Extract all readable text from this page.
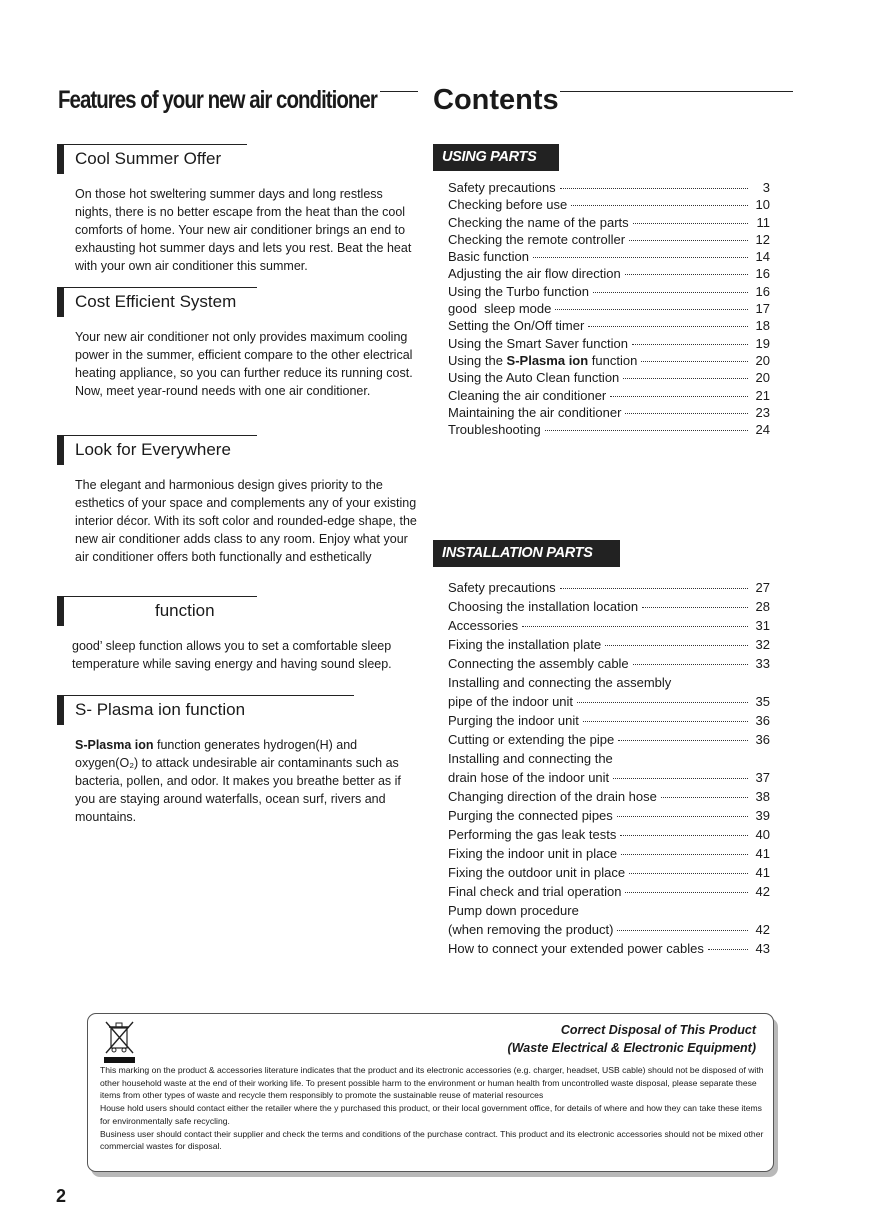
Features of your new air conditioner
Cool Summer Offer

On those hot sweltering summer days and long restless nights, there is no better escape from the heat than the cool comforts of home. Your new air conditioner brings an end to exhausting hot summer days and lets you rest. Beat the heat with your own air conditioner this summer.

Cost Efficient System

Your new air conditioner not only provides maximum cooling power in the summer, efficient compare to the other electrical heating appliance, so you can further reduce its running cost. Now, meet year-round needs with one air conditioner.

Look for Everywhere

The elegant and harmonious design gives priority to the esthetics of your space and complements any of your existing interior décor. With its soft color and rounded-edge shape, the new air conditioner adds class to any room. Enjoy what your air conditioner offers both functionally and esthetically

function

good’ sleep function allows you to set a comfortable sleep temperature while saving energy and having sound sleep.

S- Plasma ion function

S-Plasma ion function generates hydrogen(H) and oxygen(O₂) to attack undesirable air contaminants such as bacteria, pollen, and odor. It makes you breathe better as if you are staying around waterfalls, ocean surf, rivers and mountains.

Contents
USING PARTS
Safety precautions	3
Checking before use	10
Checking the name of the parts	11
Checking the remote controller	12
Basic function	14
Adjusting the air flow direction	16
Using the Turbo function	16
good  sleep mode	17
Setting the On/Off timer	18
Using the Smart Saver function	19
Using the S-Plasma ion function	20
Using the Auto Clean function	20
Cleaning the air conditioner	21
Maintaining the air conditioner	23
Troubleshooting	24
INSTALLATION PARTS
Safety precautions	27
Choosing the installation location	28
Accessories	31
Fixing the installation plate	32
Connecting the assembly cable	33
Installing and connecting the assembly
pipe of the indoor unit	35
Purging the indoor unit	36
Cutting or extending the pipe	36
Installing and connecting the
drain hose of the indoor unit	37
Changing direction of the drain hose	38
Purging the connected pipes	39
Performing the gas leak tests	40
Fixing the indoor unit in place	41
Fixing the outdoor unit in place	41
Final check and trial operation	42
Pump down procedure
(when removing the product)	42
How to connect your extended power cables	43
Correct Disposal of This Product
(Waste Electrical & Electronic Equipment)

This marking on the product & accessories literature indicates that the product and its electronic accessories (e.g. charger, headset, USB cable) should not be disposed of with other household waste at the end of their working life. To present possible harm to the environment or human health from uncontrolled waste disposal, please separate these items from other types of waste and recycle them responsibly to promote the sustainable reuse of material resources

House hold users should contact either the retailer where the y purchased this product, or their local government office, for details of where and how they can take these items for environmentally safe recycling.

Business user should contact their supplier and check the terms and conditions of the purchase contract. This product and its electronic accessories should not be mixed other commercial wastes for disposal.

2
